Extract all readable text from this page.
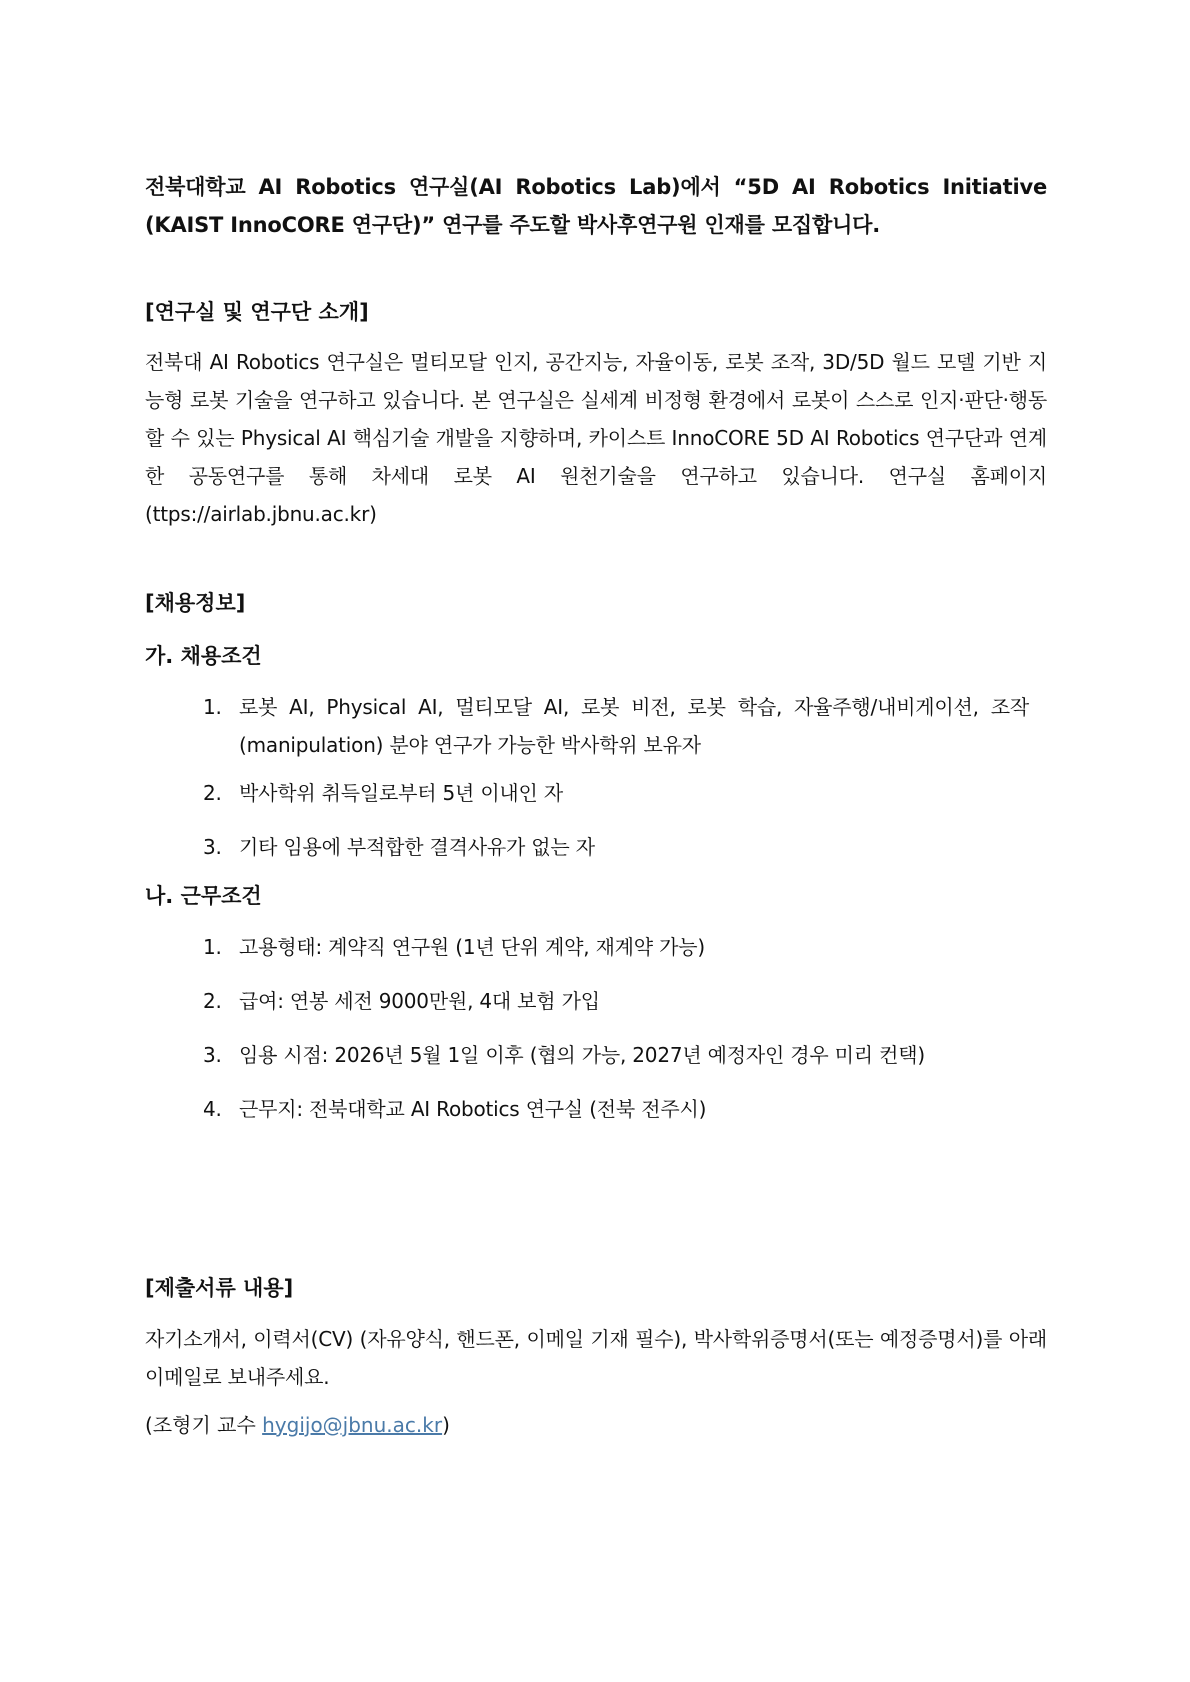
전북대학교 AI Robotics 연구실(AI Robotics Lab)에서 “5D AI Robotics Initiative (KAIST InnoCORE 연구단)” 연구를 주도할 박사후연구원 인재를 모집합니다.
[연구실 및 연구단 소개]
전북대 AI Robotics 연구실은 멀티모달 인지, 공간지능, 자율이동, 로봇 조작, 3D/5D 월드 모델 기반 지능형 로봇 기술을 연구하고 있습니다. 본 연구실은 실세계 비정형 환경에서 로봇이 스스로 인지·판단·행동할 수 있는 Physical AI 핵심기술 개발을 지향하며, 카이스트 InnoCORE 5D AI Robotics 연구단과 연계한 공동연구를 통해 차세대 로봇 AI 원천기술을 연구하고 있습니다. 연구실 홈페이지(ttps://airlab.jbnu.ac.kr)
[채용정보]
가. 채용조건
1. 로봇 AI, Physical AI, 멀티모달 AI, 로봇 비전, 로봇 학습, 자율주행/내비게이션, 조작(manipulation) 분야 연구가 가능한 박사학위 보유자
2. 박사학위 취득일로부터 5년 이내인 자
3. 기타 임용에 부적합한 결격사유가 없는 자
나. 근무조건
1. 고용형태: 계약직 연구원 (1년 단위 계약, 재계약 가능)
2. 급여: 연봉 세전 9000만원, 4대 보험 가입
3. 임용 시점: 2026년 5월 1일 이후 (협의 가능, 2027년 예정자인 경우 미리 컨택)
4. 근무지: 전북대학교 AI Robotics 연구실 (전북 전주시)
[제출서류 내용]
자기소개서, 이력서(CV) (자유양식, 핸드폰, 이메일 기재 필수), 박사학위증명서(또는 예정증명서)를 아래 이메일로 보내주세요.
(조형기 교수 hygijo@jbnu.ac.kr)
